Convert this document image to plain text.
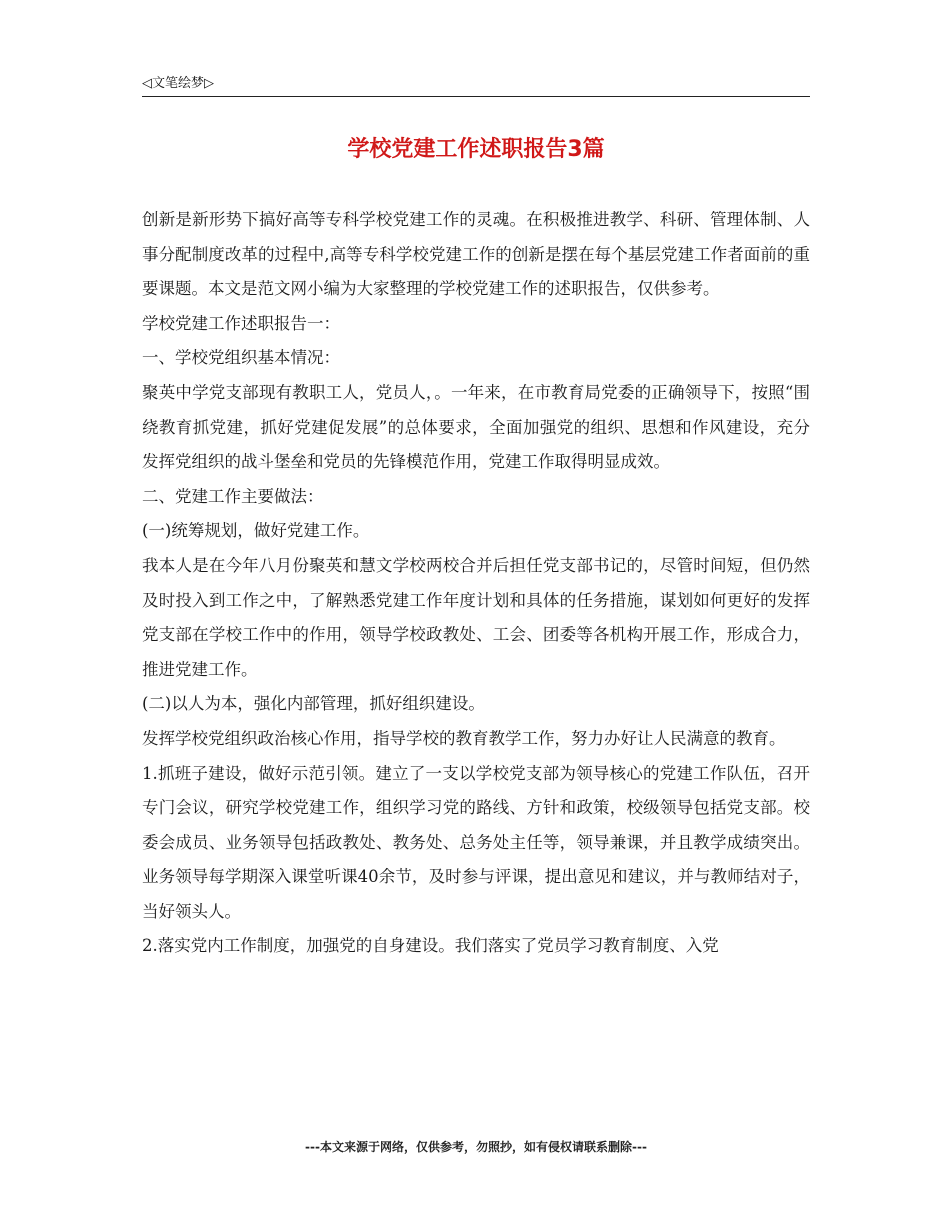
◁文笔绘梦▷
学校党建工作述职报告3篇

创新是新形势下搞好高等专科学校党建工作的灵魂。在积极推进教学、科研、管理体制、人事分配制度改革的过程中,高等专科学校党建工作的创新是摆在每个基层党建工作者面前的重要课题。本文是范文网小编为大家整理的学校党建工作的述职报告，仅供参考。

学校党建工作述职报告一：

一、学校党组织基本情况：

聚英中学党支部现有教职工人，党员人，。一年来，在市教育局党委的正确领导下，按照“围绕教育抓党建，抓好党建促发展”的总体要求，全面加强党的组织、思想和作风建设，充分发挥党组织的战斗堡垒和党员的先锋模范作用，党建工作取得明显成效。

二、党建工作主要做法：

(一)统筹规划，做好党建工作。

我本人是在今年八月份聚英和慧文学校两校合并后担任党支部书记的，尽管时间短，但仍然及时投入到工作之中，了解熟悉党建工作年度计划和具体的任务措施，谋划如何更好的发挥党支部在学校工作中的作用，领导学校政教处、工会、团委等各机构开展工作，形成合力，推进党建工作。

(二)以人为本，强化内部管理，抓好组织建设。

发挥学校党组织政治核心作用，指导学校的教育教学工作，努力办好让人民满意的教育。

1.抓班子建设，做好示范引领。建立了一支以学校党支部为领导核心的党建工作队伍，召开专门会议，研究学校党建工作，组织学习党的路线、方针和政策，校级领导包括党支部。校委会成员、业务领导包括政教处、教务处、总务处主任等，领导兼课，并且教学成绩突出。业务领导每学期深入课堂听课40余节，及时参与评课，提出意见和建议，并与教师结对子，当好领头人。

2.落实党内工作制度，加强党的自身建设。我们落实了党员学习教育制度、入党

---本文来源于网络，仅供参考，勿照抄，如有侵权请联系删除---
